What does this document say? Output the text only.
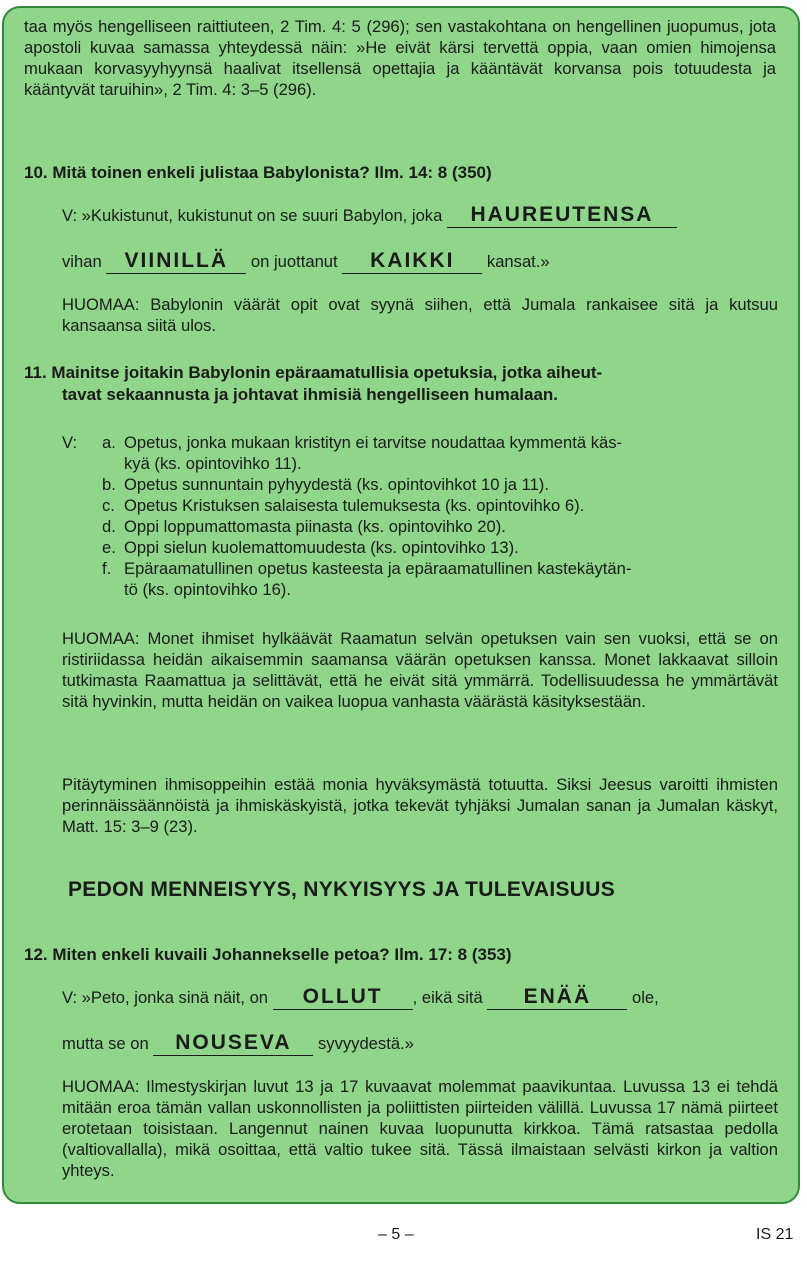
taa myös hengelliseen raittiuteen, 2 Tim. 4: 5 (296); sen vastakohtana on hengellinen juopumus, jota apostoli kuvaa samassa yhteydessä näin: »He eivät kärsi tervettä oppia, vaan omien himojensa mukaan korvasyyhyynsä haalivat itsellensä opettajia ja kääntävät korvansa pois totuudesta ja kääntyvät taruihin», 2 Tim. 4: 3–5 (296).

10. Mitä toinen enkeli julistaa Babylonista? Ilm. 14: 8 (350)

V: »Kukistunut, kukistunut on se suuri Babylon, joka HAUREUTENSA
vihan VIINILLÄ on juottanut KAIKKI kansat.»

HUOMAA: Babylonin väärät opit ovat syynä siihen, että Jumala rankaisee sitä ja kutsuu kansaansa siitä ulos.

11. Mainitse joitakin Babylonin epäraamatullisia opetuksia, jotka aiheut-

tavat sekaannusta ja johtavat ihmisiä hengelliseen humalaan.

V: a. Opetus, jonka mukaan kristityn ei tarvitse noudattaa kymmentä käs-
kyä (ks. opintovihko 11).
b. Opetus sunnuntain pyhyydestä (ks. opintovihkot 10 ja 11).
c. Opetus Kristuksen salaisesta tulemuksesta (ks. opintovihko 6).
d. Oppi loppumattomasta piinasta (ks. opintovihko 20).
e. Oppi sielun kuolemattomuudesta (ks. opintovihko 13).
f. Epäraamatullinen opetus kasteesta ja epäraamatullinen kastekäytän-
tö (ks. opintovihko 16).

HUOMAA: Monet ihmiset hylkäävät Raamatun selvän opetuksen vain sen vuoksi, että se on ristiriidassa heidän aikaisemmin saamansa väärän opetuksen kanssa. Monet lakkaavat silloin tutkimasta Raamattua ja selittävät, että he eivät sitä ymmärrä. Todellisuudessa he ymmärtävät sitä hyvinkin, mutta heidän on vaikea luopua vanhasta väärästä käsityksestään.

Pitäytyminen ihmisoppeihin estää monia hyväksymästä totuutta. Siksi Jeesus varoitti ihmisten perinnäissäännöistä ja ihmiskäskyistä, jotka tekevät tyhjäksi Jumalan sanan ja Jumalan käskyt, Matt. 15: 3–9 (23).

PEDON MENNEISYYS, NYKYISYYS JA TULEVAISUUS

12. Miten enkeli kuvaili Johannekselle petoa? Ilm. 17: 8 (353)

V: »Peto, jonka sinä näit, on OLLUT , eikä sitä ENÄÄ ole,
mutta se on NOUSEVA syvyydestä.»

HUOMAA: Ilmestyskirjan luvut 13 ja 17 kuvaavat molemmat paavikuntaa. Luvussa 13 ei tehdä mitään eroa tämän vallan uskonnollisten ja poliittisten piirteiden välillä. Luvussa 17 nämä piirteet erotetaan toisistaan. Langennut nainen kuvaa luopunutta kirkkoa. Tämä ratsastaa pedolla (valtiovallalla), mikä osoittaa, että valtio tukee sitä. Tässä ilmaistaan selvästi kirkon ja valtion yhteys.

– 5 –	IS 21
